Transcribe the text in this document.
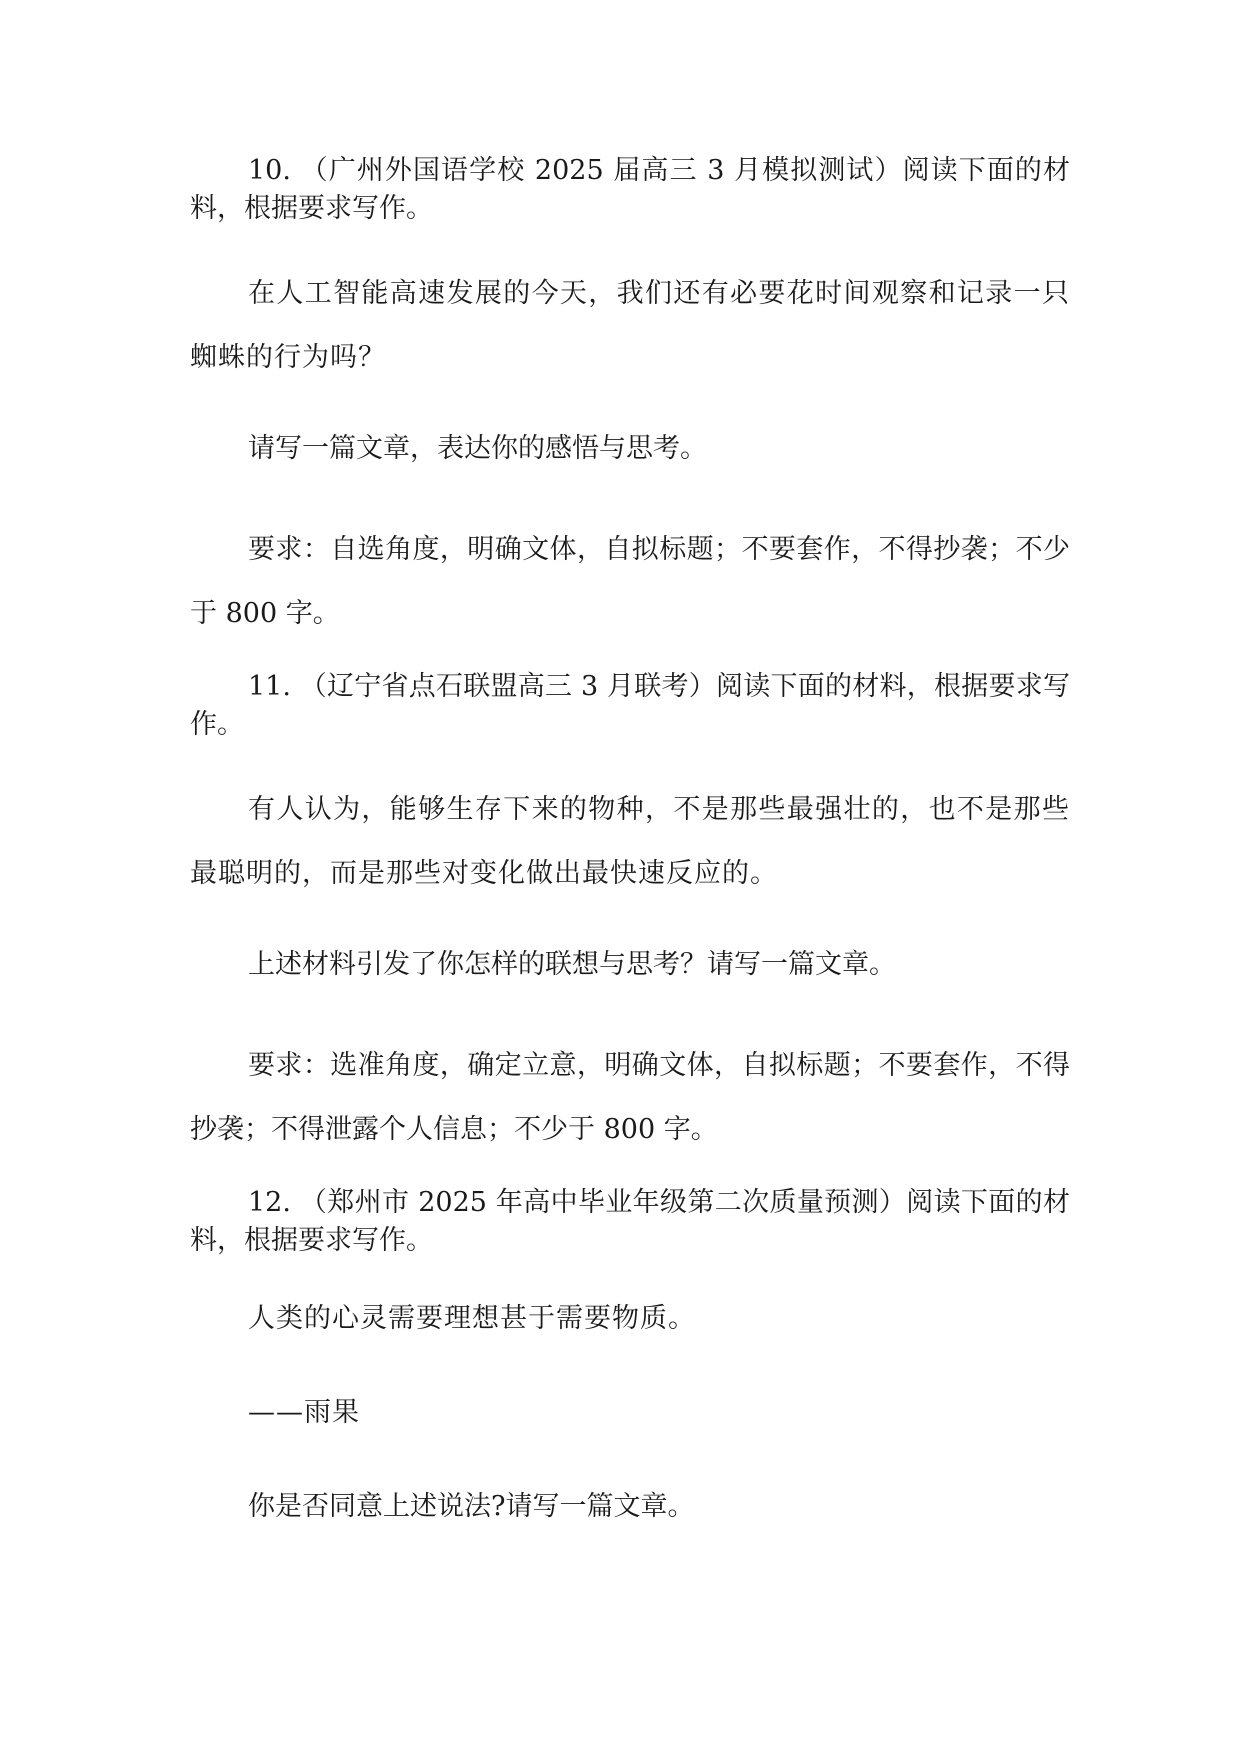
10. （广州外国语学校 2025 届高三 3 月模拟测试）阅读下面的材料，根据要求写作。

在人工智能高速发展的今天，我们还有必要花时间观察和记录一只蜘蛛的行为吗？

请写一篇文章，表达你的感悟与思考。

要求：自选角度，明确文体，自拟标题；不要套作，不得抄袭；不少于 800 字。

11. （辽宁省点石联盟高三 3 月联考）阅读下面的材料，根据要求写作。

有人认为，能够生存下来的物种，不是那些最强壮的，也不是那些最聪明的，而是那些对变化做出最快速反应的。

上述材料引发了你怎样的联想与思考？请写一篇文章。

要求：选准角度，确定立意，明确文体，自拟标题；不要套作，不得抄袭；不得泄露个人信息；不少于 800 字。

12. （郑州市 2025 年高中毕业年级第二次质量预测）阅读下面的材料，根据要求写作。

人类的心灵需要理想甚于需要物质。

——雨果

你是否同意上述说法?请写一篇文章。
